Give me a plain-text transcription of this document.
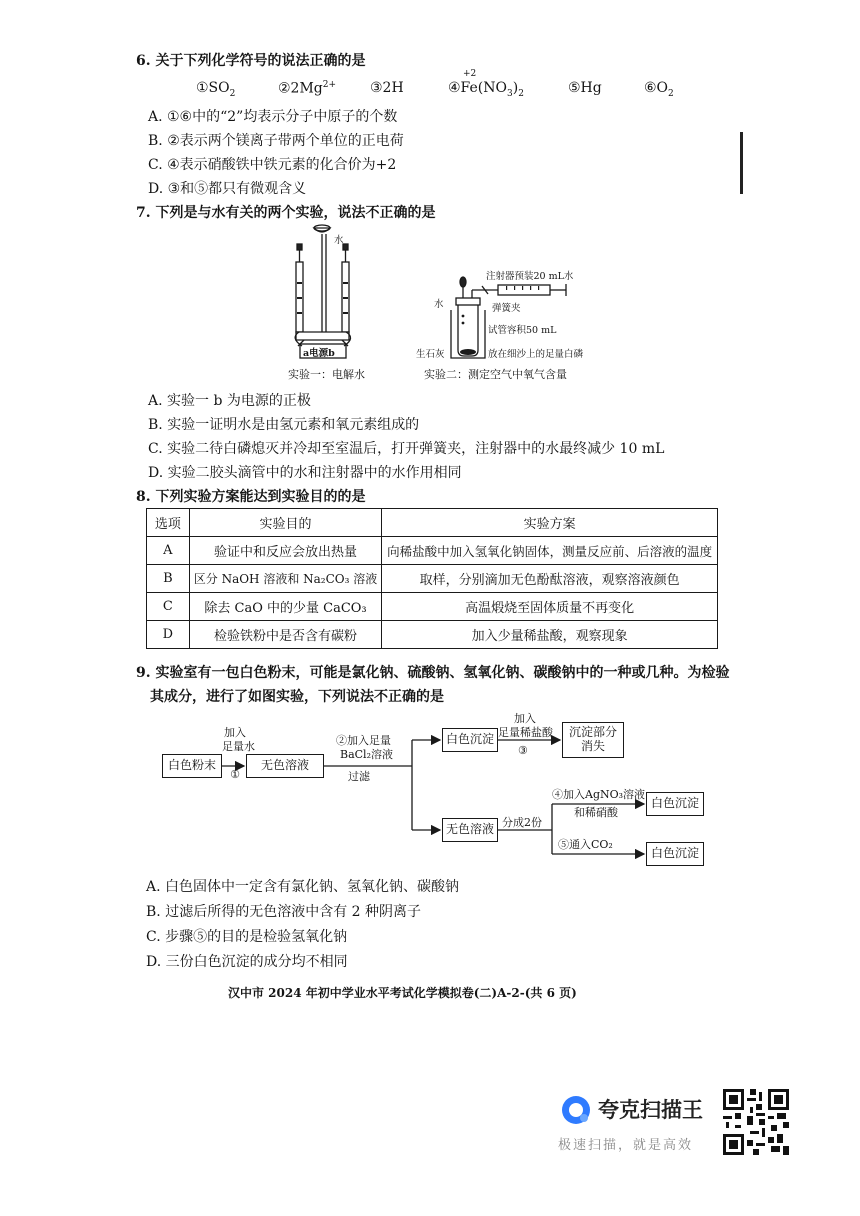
6. 关于下列化学符号的说法正确的是
$①SO_2$	$②2Mg^{2+}$ ③2H
+2
$④Fe(NO_3)_2$	⑤Hg	$⑥O_2$
A. ①⑥中的“2”均表示分子中原子的个数
B. ②表示两个镁离子带两个单位的正电荷
C. ④表示硝酸铁中铁元素的化合价为+2
D. ③和⑤都只有微观含义
7. 下列是与水有关的两个实验，说法不正确的是
水
a电源b
实验一：电解水
注射器预装20 mL水
弹簧夹
水
试管容积50 mL
生石灰	放在细沙上的足量白磷
实验二：测定空气中氧气含量
A. 实验一 b 为电源的正极
B. 实验一证明水是由氢元素和氧元素组成的
C. 实验二待白磷熄灭并冷却至室温后，打开弹簧夹，注射器中的水最终减少 10 mL
D. 实验二胶头滴管中的水和注射器中的水作用相同
8. 下列实验方案能达到实验目的的是
选项	实验目的	实验方案
A	验证中和反应会放出热量	向稀盐酸中加入氢氧化钠固体，测量反应前、后溶液的温度
B	区分 NaOH 溶液和 Na₂CO₃ 溶液	取样，分别滴加无色酚酞溶液，观察溶液颜色
C	除去 CaO 中的少量 CaCO₃	高温煅烧至固体质量不再变化
D	检验铁粉中是否含有碳粉	加入少量稀盐酸，观察现象
9. 实验室有一包白色粉末，可能是氯化钠、硫酸钠、氢氧化钠、碳酸钠中的一种或几种。为检验
其成分，进行了如图实验，下列说法不正确的是
白色粉末
加入
足量水
①
无色溶液
②加入足量
BaCl₂溶液
过滤
白色沉淀
加入
足量稀盐酸
③
沉淀部分
消失
无色溶液 分成2份
④加入AgNO₃溶液
和稀硝酸
白色沉淀
⑤通入CO₂
白色沉淀
A. 白色固体中一定含有氯化钠、氢氧化钠、碳酸钠
B. 过滤后所得的无色溶液中含有 2 种阴离子
C. 步骤⑤的目的是检验氢氧化钠
D. 三份白色沉淀的成分均不相同
汉中市 2024 年初中学业水平考试化学模拟卷(二)A-2-(共 6 页)
夸克扫描王
极速扫描，就是高效
